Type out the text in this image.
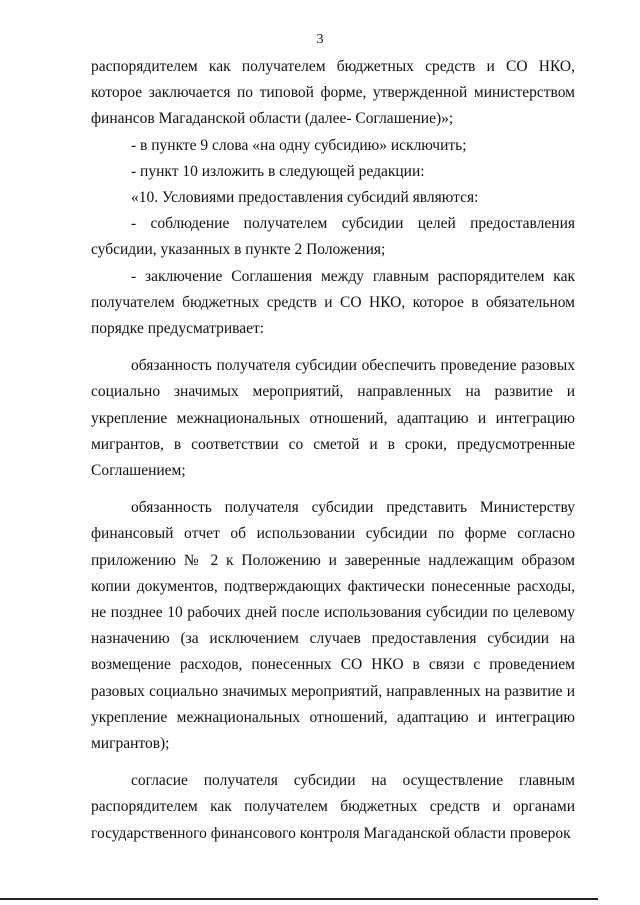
3

распорядителем как получателем бюджетных средств и СО НКО, которое заключается по типовой форме, утвержденной министерством финансов Магаданской области (далее- Соглашение)»;

- в пункте 9 слова «на одну субсидию» исключить;

- пункт 10 изложить в следующей редакции:

«10. Условиями предоставления субсидий являются:

- соблюдение получателем субсидии целей предоставления субсидии, указанных в пункте 2 Положения;

- заключение Соглашения между главным распорядителем как получателем бюджетных средств и СО НКО, которое в обязательном порядке предусматривает:

обязанность получателя субсидии обеспечить проведение разовых социально значимых мероприятий, направленных на развитие и укрепление межнациональных отношений, адаптацию и интеграцию мигрантов, в соответствии со сметой и в сроки, предусмотренные Соглашением;

обязанность получателя субсидии представить Министерству финансовый отчет об использовании субсидии по форме согласно приложению № 2 к Положению и заверенные надлежащим образом копии документов, подтверждающих фактически понесенные расходы, не позднее 10 рабочих дней после использования субсидии по целевому назначению (за исключением случаев предоставления субсидии на возмещение расходов, понесенных СО НКО в связи с проведением разовых социально значимых мероприятий, направленных на развитие и укрепление межнациональных отношений, адаптацию и интеграцию мигрантов);

согласие получателя субсидии на осуществление главным распорядителем как получателем бюджетных средств и органами государственного финансового контроля Магаданской области проверок
